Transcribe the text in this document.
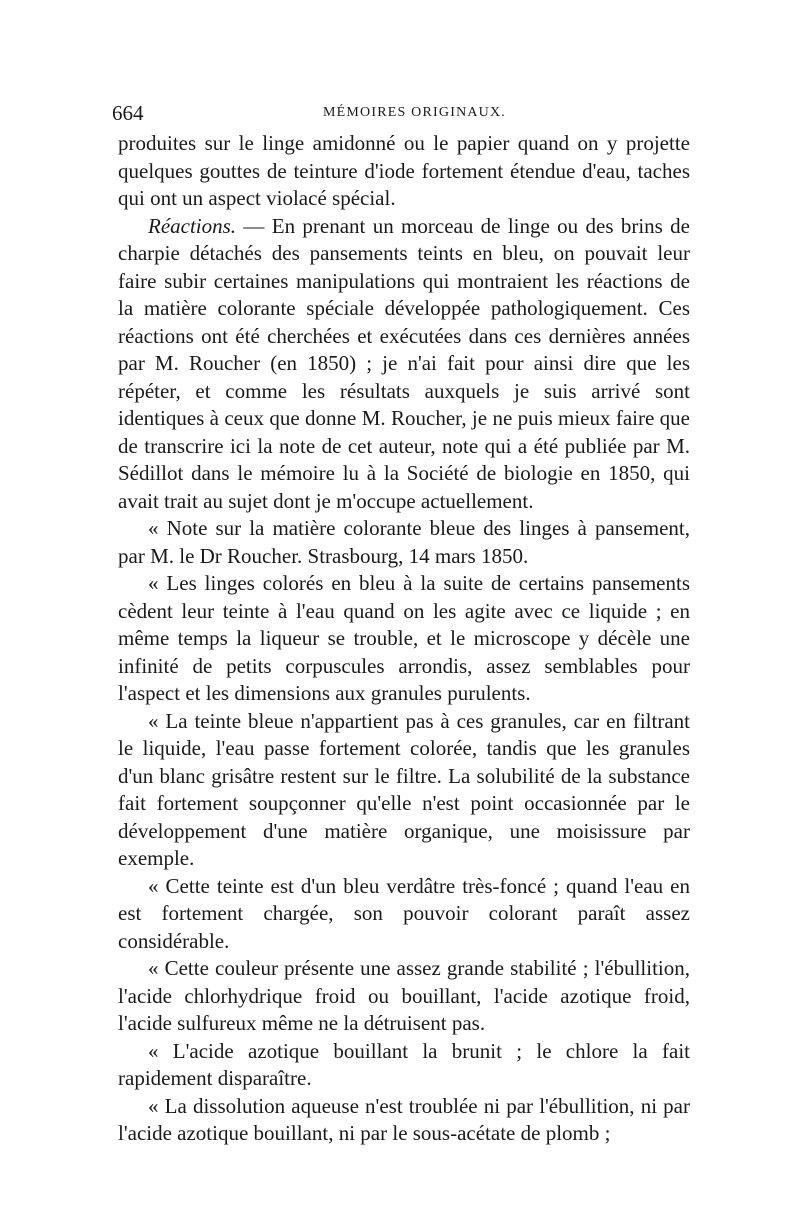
664	MÉMOIRES ORIGINAUX.

produites sur le linge amidonné ou le papier quand on y projette quelques gouttes de teinture d'iode fortement étendue d'eau, taches qui ont un aspect violacé spécial.

Réactions. — En prenant un morceau de linge ou des brins de charpie détachés des pansements teints en bleu, on pouvait leur faire subir certaines manipulations qui montraient les réactions de la matière colorante spéciale développée pathologiquement. Ces réactions ont été cherchées et exécutées dans ces dernières années par M. Roucher (en 1850) ; je n'ai fait pour ainsi dire que les répéter, et comme les résultats auxquels je suis arrivé sont identiques à ceux que donne M. Roucher, je ne puis mieux faire que de transcrire ici la note de cet auteur, note qui a été publiée par M. Sédillot dans le mémoire lu à la Société de biologie en 1850, qui avait trait au sujet dont je m'occupe actuellement.

« Note sur la matière colorante bleue des linges à pansement, par M. le Dr Roucher. Strasbourg, 14 mars 1850.

« Les linges colorés en bleu à la suite de certains pansements cèdent leur teinte à l'eau quand on les agite avec ce liquide ; en même temps la liqueur se trouble, et le microscope y décèle une infinité de petits corpuscules arrondis, assez semblables pour l'aspect et les dimensions aux granules purulents.

« La teinte bleue n'appartient pas à ces granules, car en filtrant le liquide, l'eau passe fortement colorée, tandis que les granules d'un blanc grisâtre restent sur le filtre. La solubilité de la substance fait fortement soupçonner qu'elle n'est point occasionnée par le développement d'une matière organique, une moisissure par exemple.

« Cette teinte est d'un bleu verdâtre très-foncé ; quand l'eau en est fortement chargée, son pouvoir colorant paraît assez considérable.

« Cette couleur présente une assez grande stabilité ; l'ébullition, l'acide chlorhydrique froid ou bouillant, l'acide azotique froid, l'acide sulfureux même ne la détruisent pas.

« L'acide azotique bouillant la brunit ; le chlore la fait rapidement disparaître.

« La dissolution aqueuse n'est troublée ni par l'ébullition, ni par l'acide azotique bouillant, ni par le sous-acétate de plomb ;
